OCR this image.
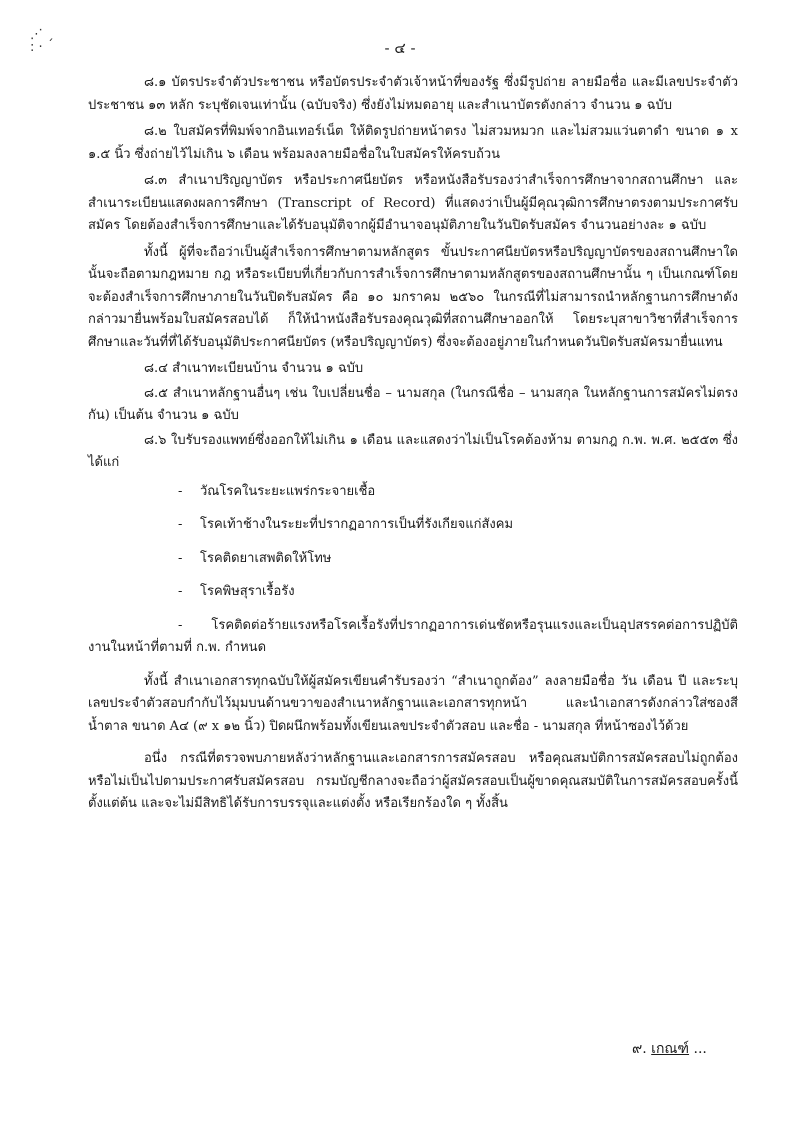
⋰ ˏ
: ·	- ๔ -

๘.๑ บัตรประจำตัวประชาชน หรือบัตรประจำตัวเจ้าหน้าที่ของรัฐ ซึ่งมีรูปถ่าย ลายมือชื่อ และมีเลขประจำตัวประชาชน ๑๓ หลัก ระบุชัดเจนเท่านั้น (ฉบับจริง) ซึ่งยังไม่หมดอายุ และสำเนาบัตรดังกล่าว จำนวน ๑ ฉบับ

๘.๒ ใบสมัครที่พิมพ์จากอินเทอร์เน็ต ให้ติดรูปถ่ายหน้าตรง ไม่สวมหมวก และไม่สวมแว่นตาดำ ขนาด ๑ x ๑.๕ นิ้ว ซึ่งถ่ายไว้ไม่เกิน ๖ เดือน พร้อมลงลายมือชื่อในใบสมัครให้ครบถ้วน

๘.๓ สำเนาปริญญาบัตร หรือประกาศนียบัตร หรือหนังสือรับรองว่าสำเร็จการศึกษาจากสถานศึกษา และสำเนาระเบียนแสดงผลการศึกษา (Transcript of Record) ที่แสดงว่าเป็นผู้มีคุณวุฒิการศึกษาตรงตามประกาศรับสมัคร โดยต้องสำเร็จการศึกษาและได้รับอนุมัติจากผู้มีอำนาจอนุมัติภายในวันปิดรับสมัคร จำนวนอย่างละ ๑ ฉบับ

ทั้งนี้ ผู้ที่จะถือว่าเป็นผู้สำเร็จการศึกษาตามหลักสูตร ขั้นประกาศนียบัตรหรือปริญญาบัตรของสถานศึกษาใดนั้นจะถือตามกฎหมาย กฎ หรือระเบียบที่เกี่ยวกับการสำเร็จการศึกษาตามหลักสูตรของสถานศึกษานั้น ๆ เป็นเกณฑ์โดยจะต้องสำเร็จการศึกษาภายในวันปิดรับสมัคร คือ ๑๐ มกราคม ๒๕๖๐ ในกรณีที่ไม่สามารถนำหลักฐานการศึกษาดังกล่าวมายื่นพร้อมใบสมัครสอบได้ ก็ให้นำหนังสือรับรองคุณวุฒิที่สถานศึกษาออกให้ โดยระบุสาขาวิชาที่สำเร็จการศึกษาและวันที่ที่ได้รับอนุมัติประกาศนียบัตร (หรือปริญญาบัตร) ซึ่งจะต้องอยู่ภายในกำหนดวันปิดรับสมัครมายื่นแทน

๘.๔ สำเนาทะเบียนบ้าน จำนวน ๑ ฉบับ

๘.๕ สำเนาหลักฐานอื่นๆ เช่น ใบเปลี่ยนชื่อ – นามสกุล (ในกรณีชื่อ – นามสกุล ในหลักฐานการสมัครไม่ตรงกัน) เป็นต้น จำนวน ๑ ฉบับ

๘.๖ ใบรับรองแพทย์ซึ่งออกให้ไม่เกิน ๑ เดือน และแสดงว่าไม่เป็นโรคต้องห้าม ตามกฎ ก.พ. พ.ศ. ๒๕๕๓ ซึ่งได้แก่

- วัณโรคในระยะแพร่กระจายเชื้อ
- โรคเท้าช้างในระยะที่ปรากฏอาการเป็นที่รังเกียจแก่สังคม
- โรคติดยาเสพติดให้โทษ
- โรคพิษสุราเรื้อรัง
- โรคติดต่อร้ายแรงหรือโรคเรื้อรังที่ปรากฏอาการเด่นชัดหรือรุนแรงและเป็นอุปสรรคต่อการปฏิบัติงานในหน้าที่ตามที่ ก.พ. กำหนด

ทั้งนี้ สำเนาเอกสารทุกฉบับให้ผู้สมัครเขียนคำรับรองว่า “สำเนาถูกต้อง” ลงลายมือชื่อ วัน เดือน ปี และระบุเลขประจำตัวสอบกำกับไว้มุมบนด้านขวาของสำเนาหลักฐานและเอกสารทุกหน้า และนำเอกสารดังกล่าวใส่ซองสีน้ำตาล ขนาด A๔ (๙ x ๑๒ นิ้ว) ปิดผนึกพร้อมทั้งเขียนเลขประจำตัวสอบ และชื่อ - นามสกุล ที่หน้าซองไว้ด้วย

อนึ่ง กรณีที่ตรวจพบภายหลังว่าหลักฐานและเอกสารการสมัครสอบ หรือคุณสมบัติการสมัครสอบไม่ถูกต้อง หรือไม่เป็นไปตามประกาศรับสมัครสอบ กรมบัญชีกลางจะถือว่าผู้สมัครสอบเป็นผู้ขาดคุณสมบัติในการสมัครสอบครั้งนี้ตั้งแต่ต้น และจะไม่มีสิทธิได้รับการบรรจุและแต่งตั้ง หรือเรียกร้องใด ๆ ทั้งสิ้น

๙. เกณฑ์ ...
